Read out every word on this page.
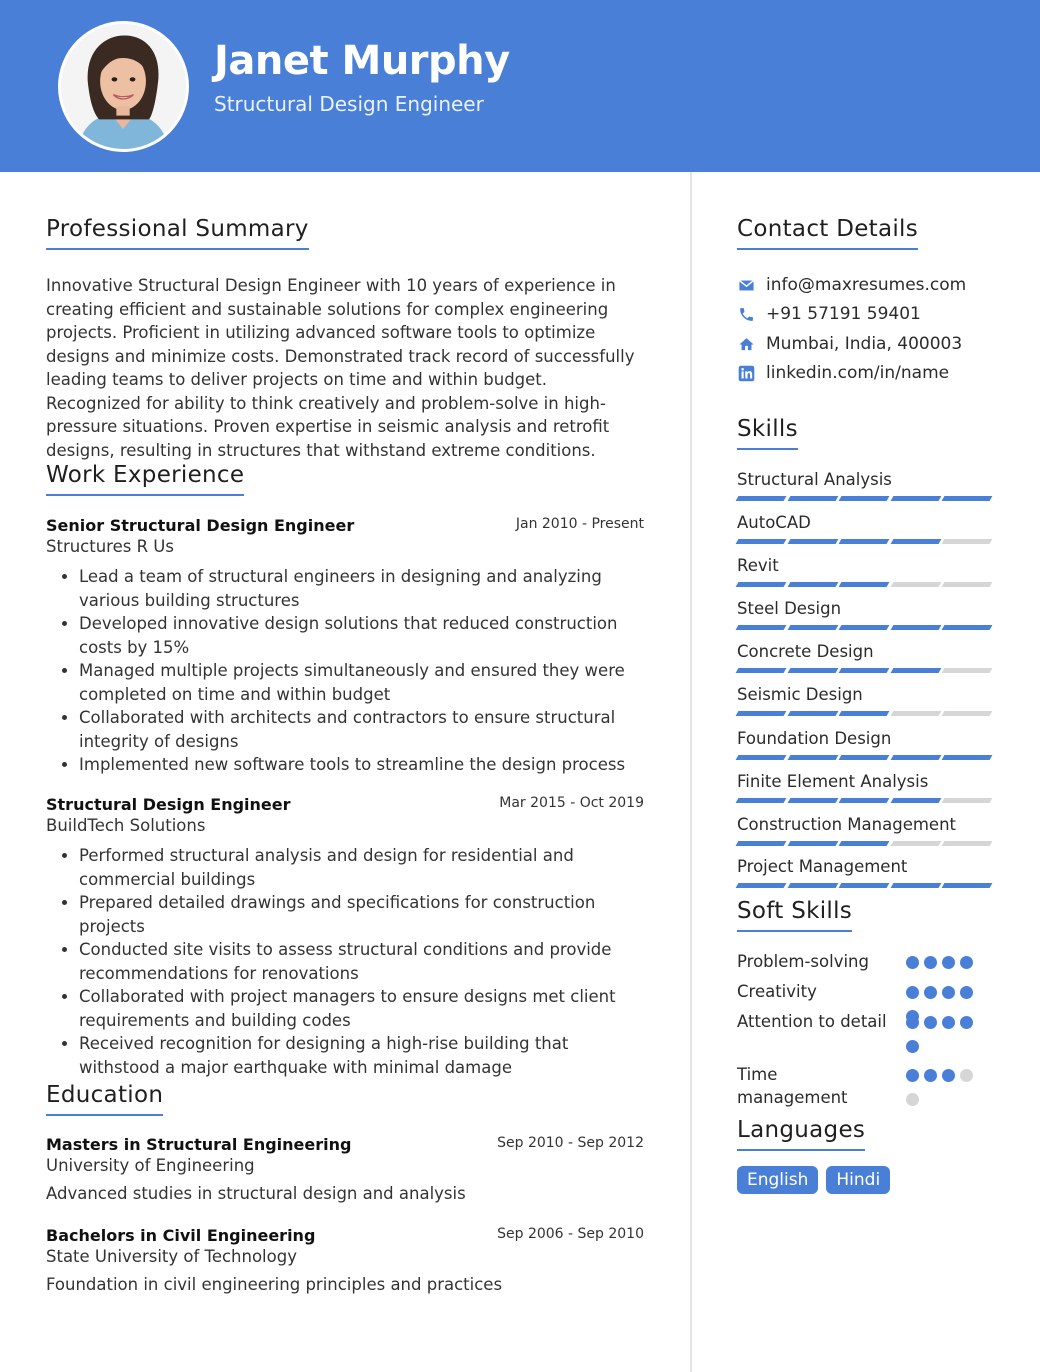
Janet Murphy
Structural Design Engineer
Professional Summary

Innovative Structural Design Engineer with 10 years of experience in creating efficient and sustainable solutions for complex engineering projects. Proficient in utilizing advanced software tools to optimize designs and minimize costs. Demonstrated track record of successfully leading teams to deliver projects on time and within budget. Recognized for ability to think creatively and problem-solve in high-pressure situations. Proven expertise in seismic analysis and retrofit designs, resulting in structures that withstand extreme conditions.

Work Experience
Senior Structural Design Engineer	Jan 2010 - Present
Structures R Us
• Lead a team of structural engineers in designing and analyzing various building structures
• Developed innovative design solutions that reduced construction costs by 15%
• Managed multiple projects simultaneously and ensured they were completed on time and within budget
• Collaborated with architects and contractors to ensure structural integrity of designs
• Implemented new software tools to streamline the design process
Structural Design Engineer	Mar 2015 - Oct 2019
BuildTech Solutions
• Performed structural analysis and design for residential and commercial buildings
• Prepared detailed drawings and specifications for construction projects
• Conducted site visits to assess structural conditions and provide recommendations for renovations
• Collaborated with project managers to ensure designs met client requirements and building codes
• Received recognition for designing a high-rise building that withstood a major earthquake with minimal damage
Education
Masters in Structural Engineering	Sep 2010 - Sep 2012
University of Engineering
Advanced studies in structural design and analysis
Bachelors in Civil Engineering	Sep 2006 - Sep 2010
State University of Technology
Foundation in civil engineering principles and practices
Contact Details
info@maxresumes.com
+91 57191 59401
Mumbai, India, 400003
linkedin.com/in/name
Skills
Structural Analysis
AutoCAD
Revit
Steel Design
Concrete Design
Seismic Design
Foundation Design
Finite Element Analysis
Construction Management
Project Management
Soft Skills
Problem-solving
Creativity
Attention to detail
Time management
Languages
English	Hindi
